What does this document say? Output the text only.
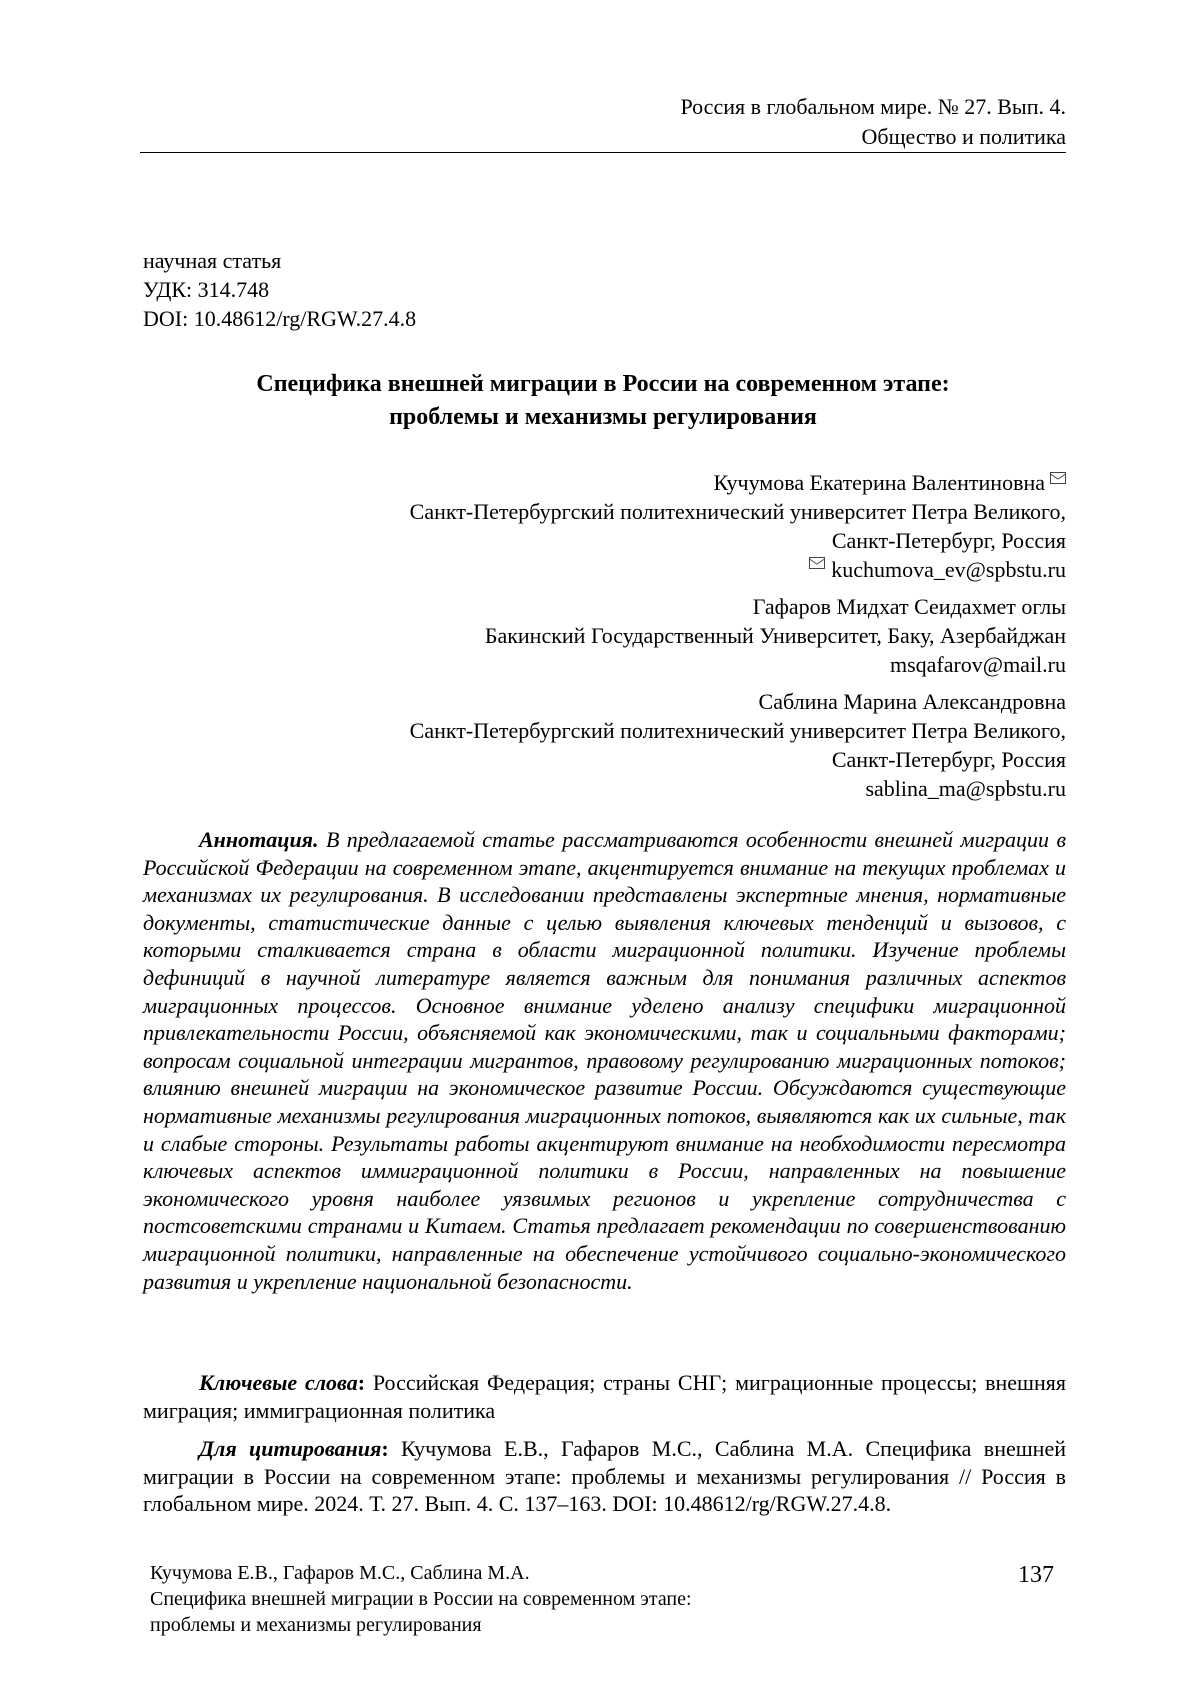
Россия в глобальном мире. № 27. Вып. 4.
Общество и политика
научная статья
УДК: 314.748
DOI: 10.48612/rg/RGW.27.4.8
Специфика внешней миграции в России на современном этапе:
проблемы и механизмы регулирования
Кучумова Екатерина Валентиновна
Санкт-Петербургский политехнический университет Петра Великого,
Санкт-Петербург, Россия
kuchumova_ev@spbstu.ru
Гафаров Мидхат Сеидахмет оглы
Бакинский Государственный Университет, Баку, Азербайджан
msqafarov@mail.ru
Саблина Марина Александровна
Санкт-Петербургский политехнический университет Петра Великого,
Санкт-Петербург, Россия
sablina_ma@spbstu.ru
Аннотация. В предлагаемой статье рассматриваются особенности внешней миграции в Российской Федерации на современном этапе, акцентируется внимание на текущих проблемах и механизмах их регулирования. В исследовании представлены экспертные мнения, нормативные документы, статистические данные с целью выявления ключевых тенденций и вызовов, с которыми сталкивается страна в области миграционной политики. Изучение проблемы дефиниций в научной литературе является важным для понимания различных аспектов миграционных процессов. Основное внимание уделено анализу специфики миграционной привлекательности России, объясняемой как экономическими, так и социальными факторами; вопросам социальной интеграции мигрантов, правовому регулированию миграционных потоков; влиянию внешней миграции на экономическое развитие России. Обсуждаются существующие нормативные механизмы регулирования миграционных потоков, выявляются как их сильные, так и слабые стороны. Результаты работы акцентируют внимание на необходимости пересмотра ключевых аспектов иммиграционной политики в России, направленных на повышение экономического уровня наиболее уязвимых регионов и укрепление сотрудничества с постсоветскими странами и Китаем. Статья предлагает рекомендации по совершенствованию миграционной политики, направленные на обеспечение устойчивого социально-экономического развития и укрепление национальной безопасности.
Ключевые слова: Российская Федерация; страны СНГ; миграционные процессы; внешняя миграция; иммиграционная политика
Для цитирования: Кучумова Е.В., Гафаров М.С., Саблина М.А. Специфика внешней миграции в России на современном этапе: проблемы и механизмы регулирования // Россия в глобальном мире. 2024. Т. 27. Вып. 4. С. 137–163. DOI: 10.48612/rg/RGW.27.4.8.
Кучумова Е.В., Гафаров М.С., Саблина М.А.
Специфика внешней миграции в России на современном этапе:
проблемы и механизмы регулирования
137
